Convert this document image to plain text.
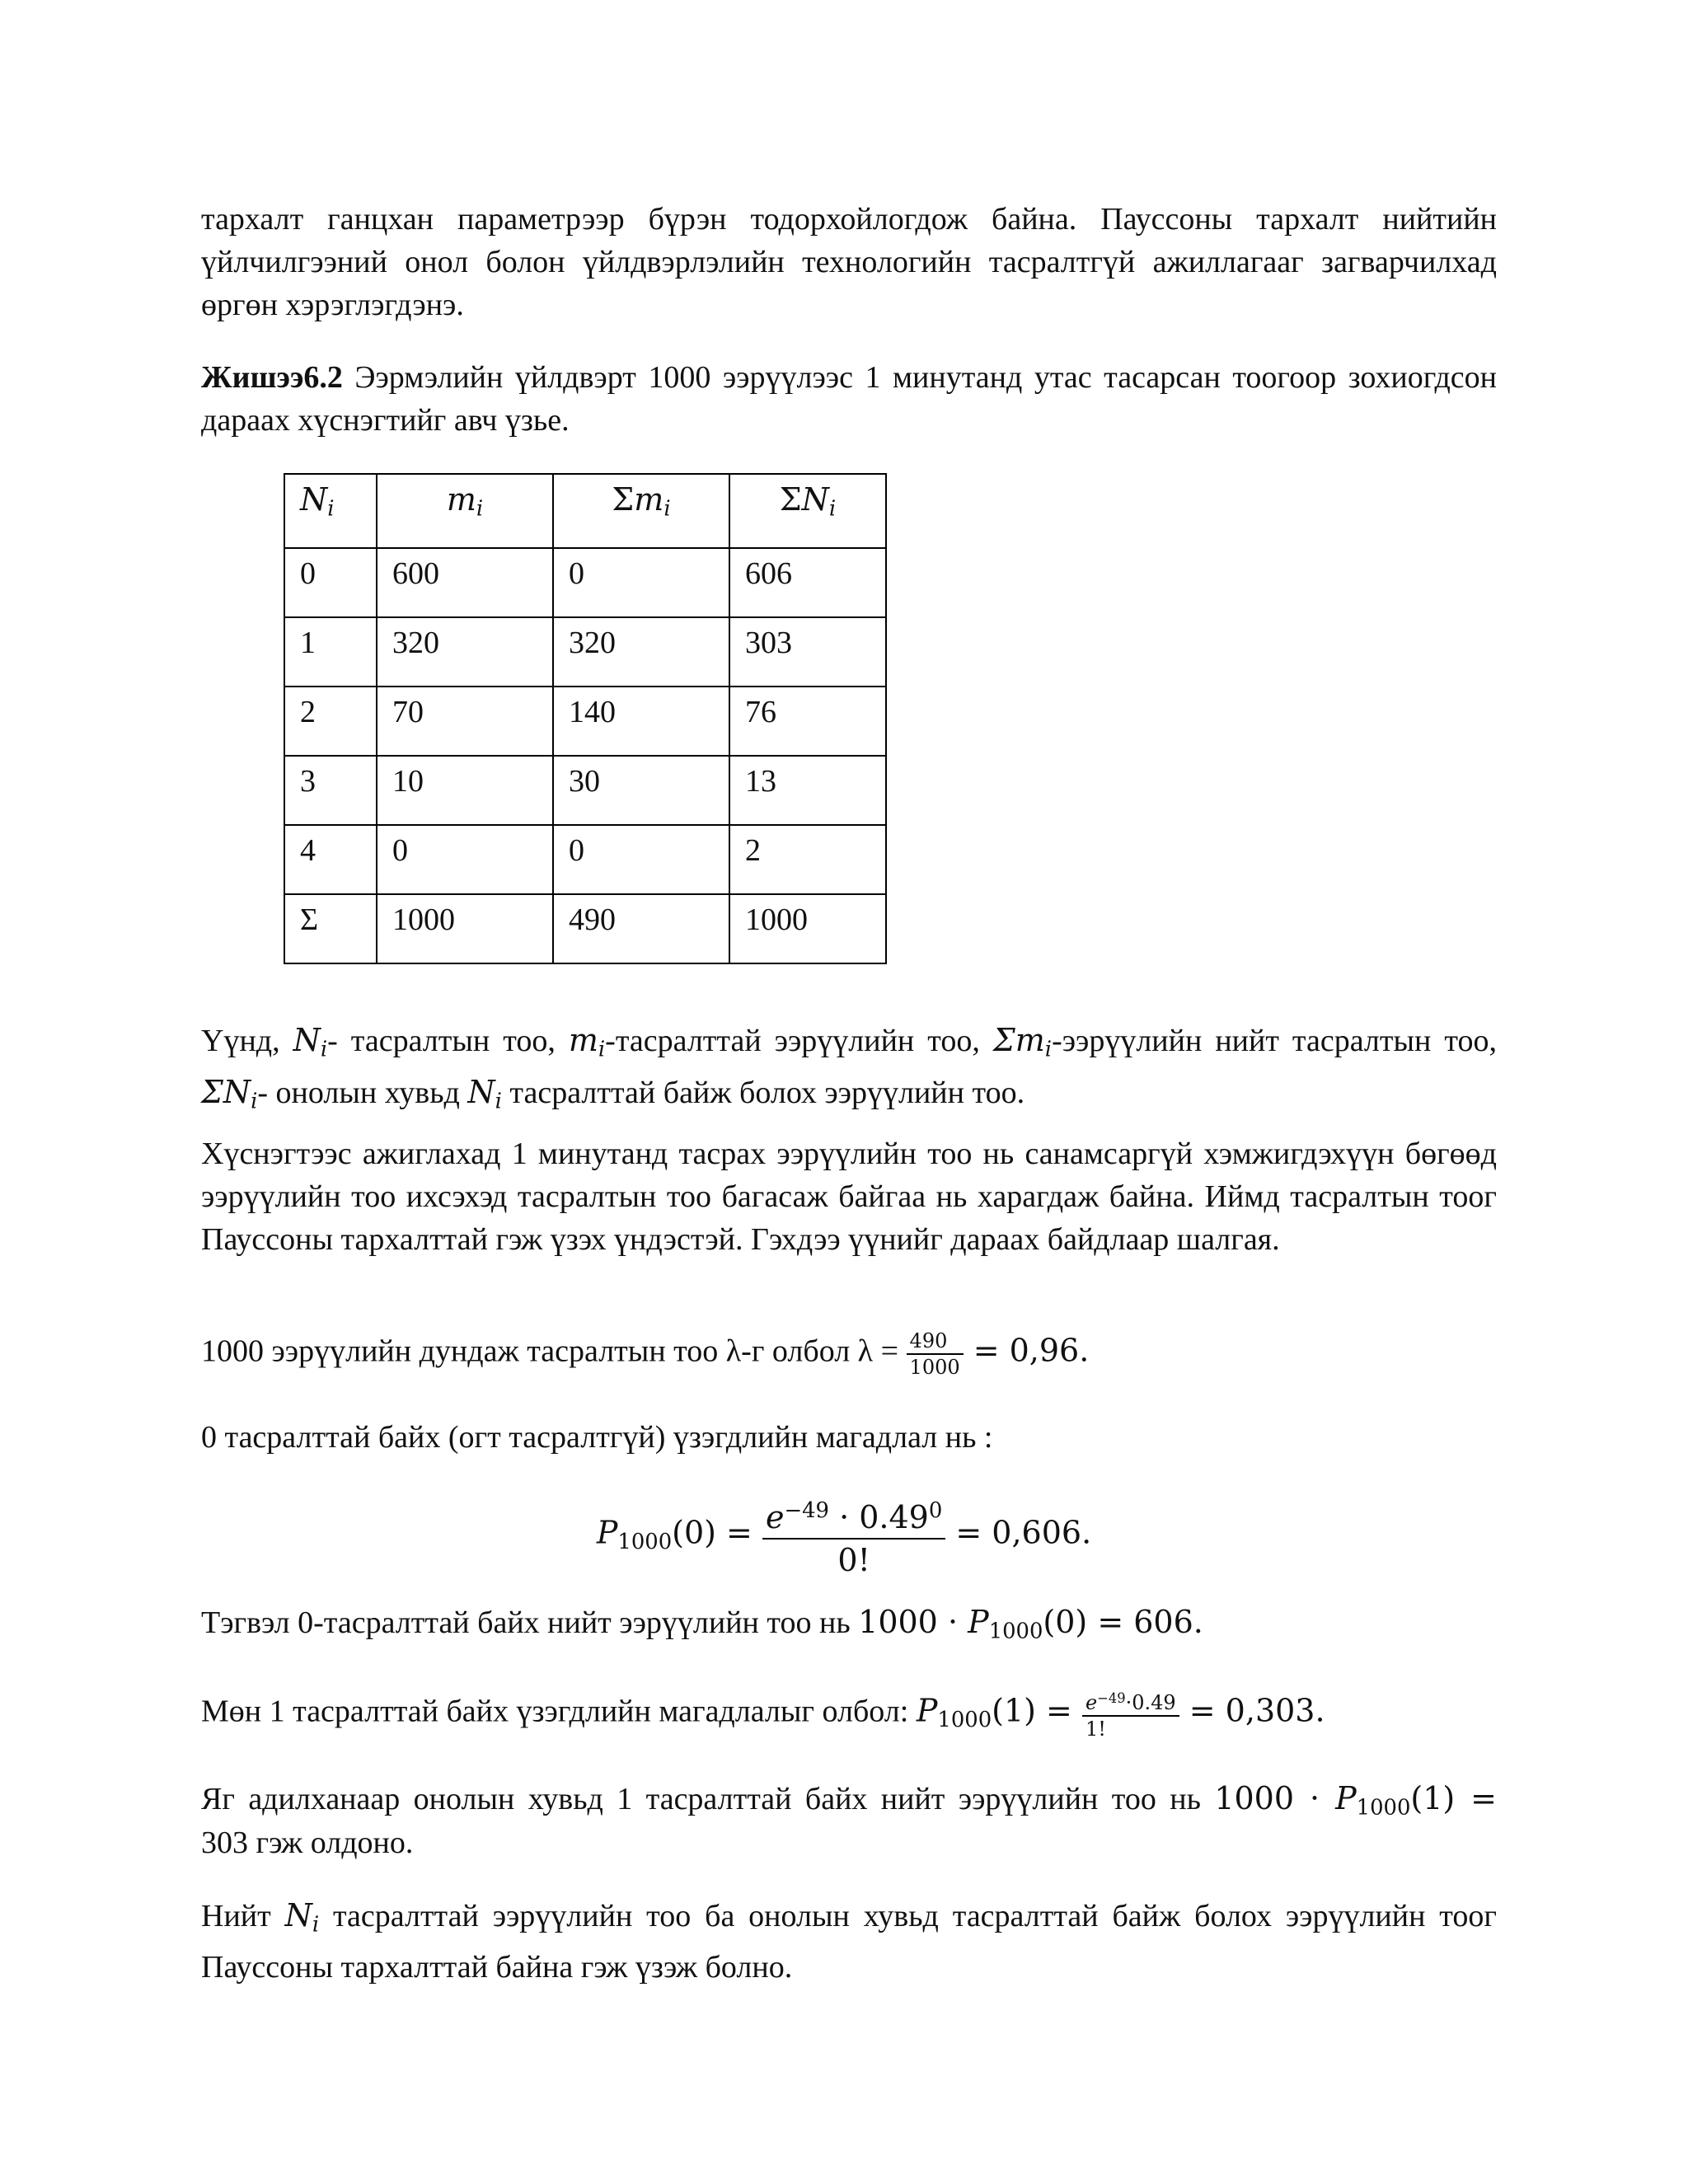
тархалт ганцхан параметрээр бүрэн тодорхойлогдож байна. Пауссоны тархалт нийтийн үйлчилгээний онол болон үйлдвэрлэлийн технологийн тасралтгүй ажиллагааг загварчилхад өргөн хэрэглэгдэнэ.

Жишээ6.2 Ээрмэлийн үйлдвэрт 1000 ээрүүлээс 1 минутанд утас тасарсан тоогоор зохиогдсон дараах хүснэгтийг авч үзье.

$N_i$	$m_i$	$\Sigma m_i$	$\Sigma N_i$
0	600	0	606
1	320	320	303
2	70	140	76
3	10	30	13
4	0	0	2
Σ	1000	490	1000

Үүнд, $N_i-$ тасралтын тоо, $m_i$-тасралттай ээрүүлийн тоо, $\Sigma m_i$-ээрүүлийн нийт тасралтын тоо, $\Sigma N_i-$ онолын хувьд $N_i$ тасралттай байж болох ээрүүлийн тоо.

Хүснэгтээс ажиглахад 1 минутанд тасрах ээрүүлийн тоо нь санамсаргүй хэмжигдэхүүн бөгөөд ээрүүлийн тоо ихсэхэд тасралтын тоо багасаж байгаа нь харагдаж байна. Иймд тасралтын тоог Пауссоны тархалттай гэж үзэх үндэстэй. Гэхдээ үүнийг дараах байдлаар шалгая.

1000 ээрүүлийн дундаж тасралтын тоо λ-г олбол $\lambda = \frac{490}{1000} = 0,96$.

0 тасралттай байх (огт тасралтгүй) үзэгдлийн магадлал нь :

$P_{1000}(0) = \frac{e^{-49} \cdot 0.49^0}{0!} = 0,606$.

Тэгвэл 0-тасралттай байх нийт ээрүүлийн тоо нь $1000 \cdot P_{1000}(0) = 606$.

Мөн 1 тасралттай байх үзэгдлийн магадлалыг олбол: $P_{1000}(1) = \frac{e^{-49}\cdot 0.49}{1!} = 0,303$.

Яг адилханаар онолын хувьд 1 тасралттай байх нийт ээрүүлийн тоо нь $1000 \cdot P_{1000}(1)$ =

303 гэж олдоно.

Нийт $N_i$ тасралттай ээрүүлийн тоо ба онолын хувьд тасралттай байж болох ээрүүлийн тоог Пауссоны тархалттай байна гэж үзэж болно.
